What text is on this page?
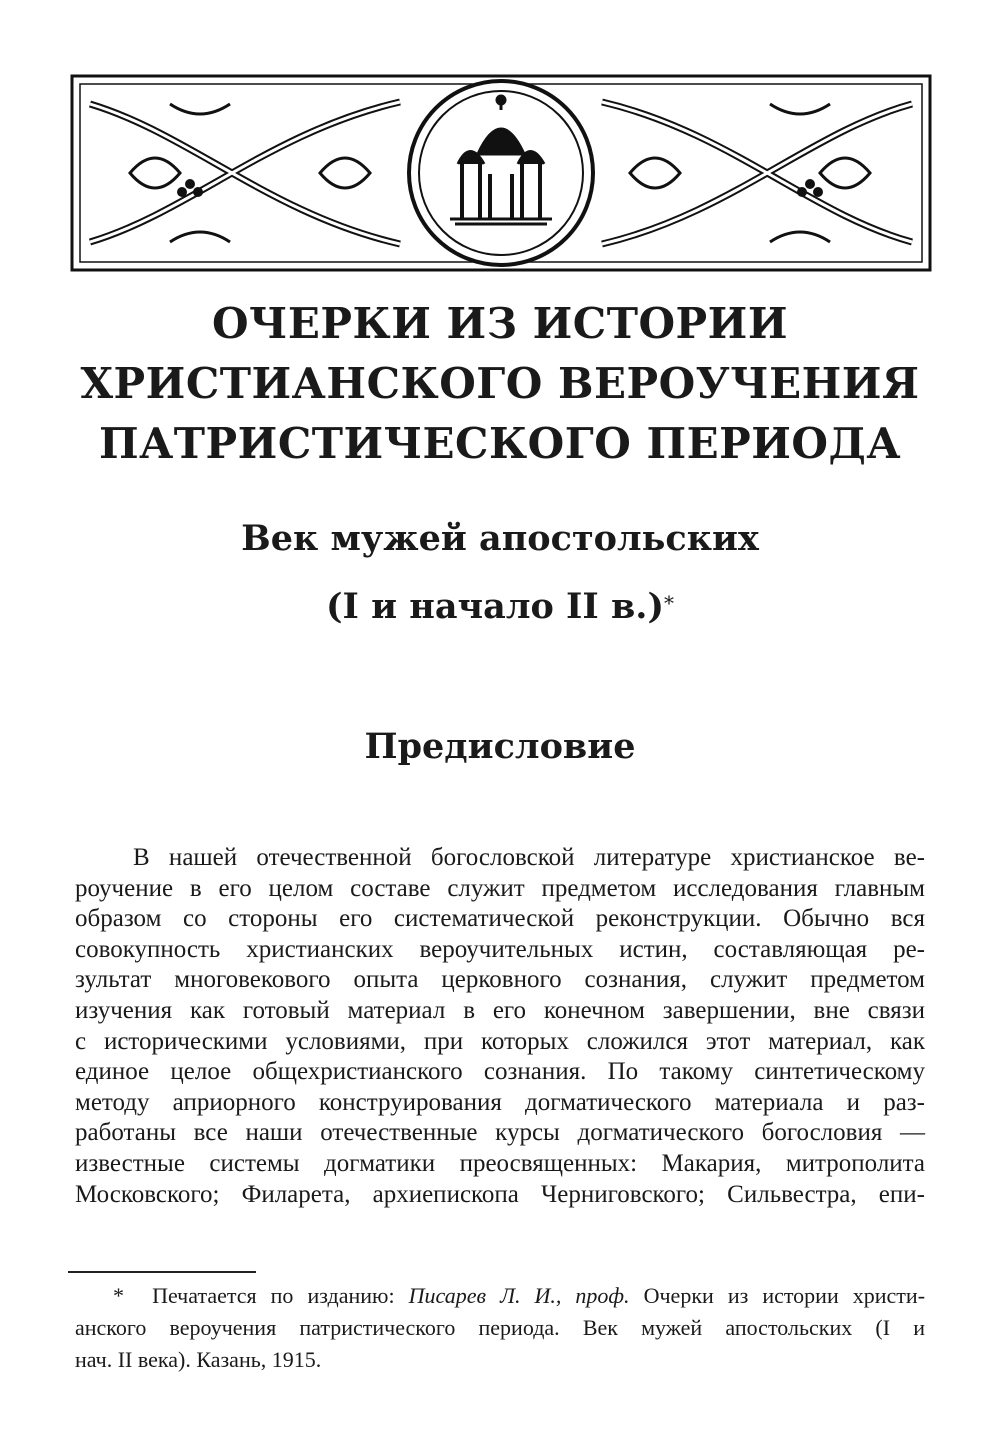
ОЧЕРКИ ИЗ ИСТОРИИ
ХРИСТИАНСКОГО ВЕРОУЧЕНИЯ
ПАТРИСТИЧЕСКОГО ПЕРИОДА
Век мужей апостольских
(I и начало II в.)*
Предисловие
В нашей отечественной богословской литературе христианское ве-
роучение в его целом составе служит предметом исследования главным
образом со стороны его систематической реконструкции. Обычно вся
совокупность христианских вероучительных истин, составляющая ре-
зультат многовекового опыта церковного сознания, служит предметом
изучения как готовый материал в его конечном завершении, вне связи
с историческими условиями, при которых сложился этот материал, как
единое целое общехристианского сознания. По такому синтетическому
методу априорного конструирования догматического материала и раз-
работаны все наши отечественные курсы догматического богословия —
известные системы догматики преосвященных: Макария, митрополита
Московского; Филарета, архиепископа Черниговского; Сильвестра, епи-
* Печатается по изданию: Писарев Л. И., проф. Очерки из истории христи-
анского вероучения патристического периода. Век мужей апостольских (I и
нач. II века). Казань, 1915.
